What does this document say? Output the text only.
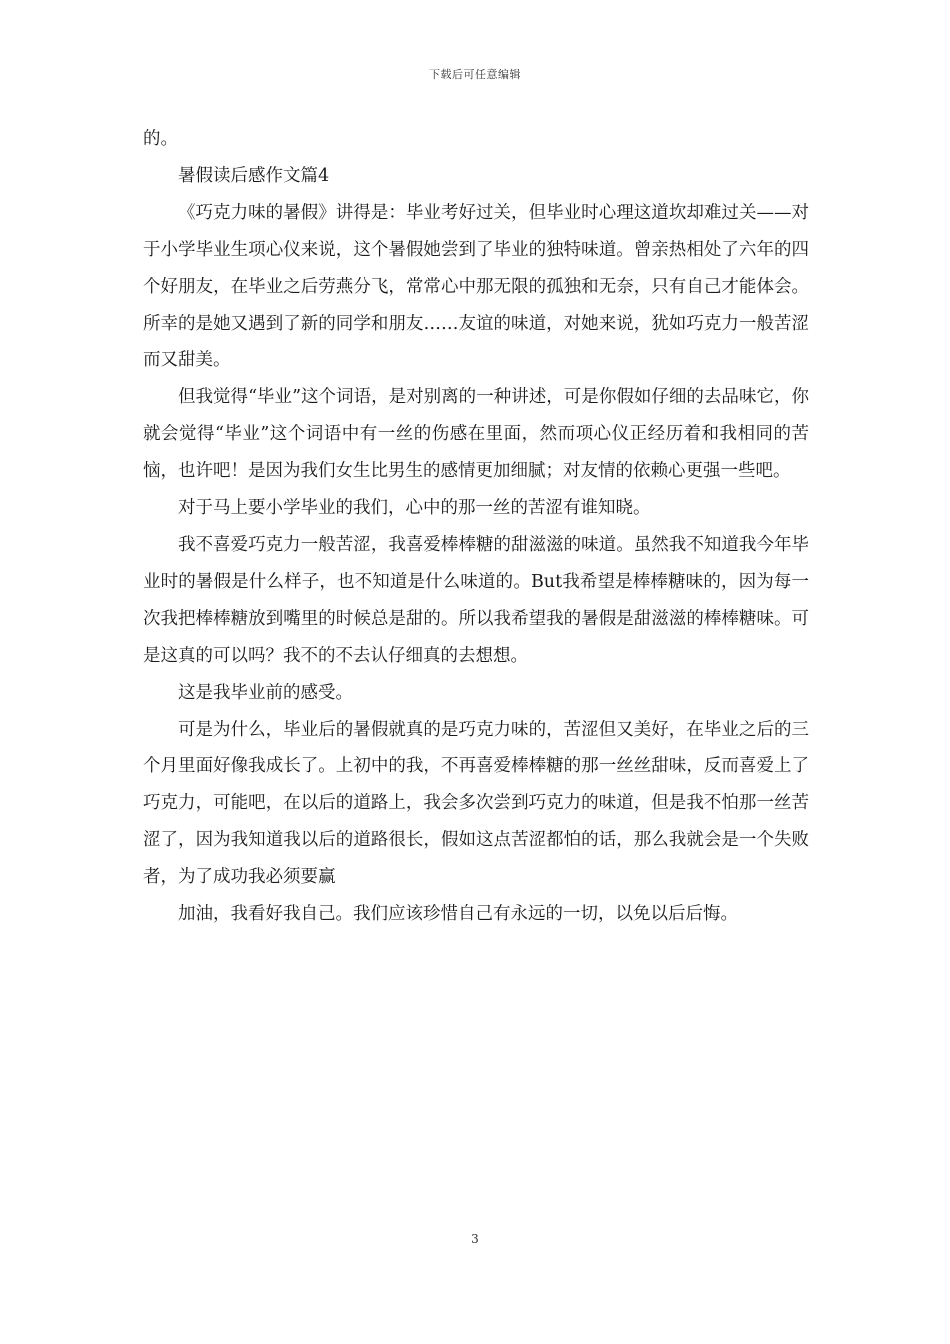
下载后可任意编辑

的。

暑假读后感作文篇4

《巧克力味的暑假》讲得是：毕业考好过关，但毕业时心理这道坎却难过关——对于小学毕业生项心仪来说，这个暑假她尝到了毕业的独特味道。曾亲热相处了六年的四个好朋友，在毕业之后劳燕分飞，常常心中那无限的孤独和无奈，只有自己才能体会。所幸的是她又遇到了新的同学和朋友……友谊的味道，对她来说，犹如巧克力一般苦涩而又甜美。

但我觉得“毕业”这个词语，是对别离的一种讲述，可是你假如仔细的去品味它，你就会觉得“毕业”这个词语中有一丝的伤感在里面，然而项心仪正经历着和我相同的苦恼，也许吧！是因为我们女生比男生的感情更加细腻；对友情的依赖心更强一些吧。

对于马上要小学毕业的我们，心中的那一丝的苦涩有谁知晓。

我不喜爱巧克力一般苦涩，我喜爱棒棒糖的甜滋滋的味道。虽然我不知道我今年毕业时的暑假是什么样子，也不知道是什么味道的。But我希望是棒棒糖味的，因为每一次我把棒棒糖放到嘴里的时候总是甜的。所以我希望我的暑假是甜滋滋的棒棒糖味。可是这真的可以吗？我不的不去认仔细真的去想想。

这是我毕业前的感受。

可是为什么，毕业后的暑假就真的是巧克力味的，苦涩但又美好，在毕业之后的三个月里面好像我成长了。上初中的我，不再喜爱棒棒糖的那一丝丝甜味，反而喜爱上了巧克力，可能吧，在以后的道路上，我会多次尝到巧克力的味道，但是我不怕那一丝苦涩了，因为我知道我以后的道路很长，假如这点苦涩都怕的话，那么我就会是一个失败者，为了成功我必须要赢

加油，我看好我自己。我们应该珍惜自己有永远的一切，以免以后后悔。

3
